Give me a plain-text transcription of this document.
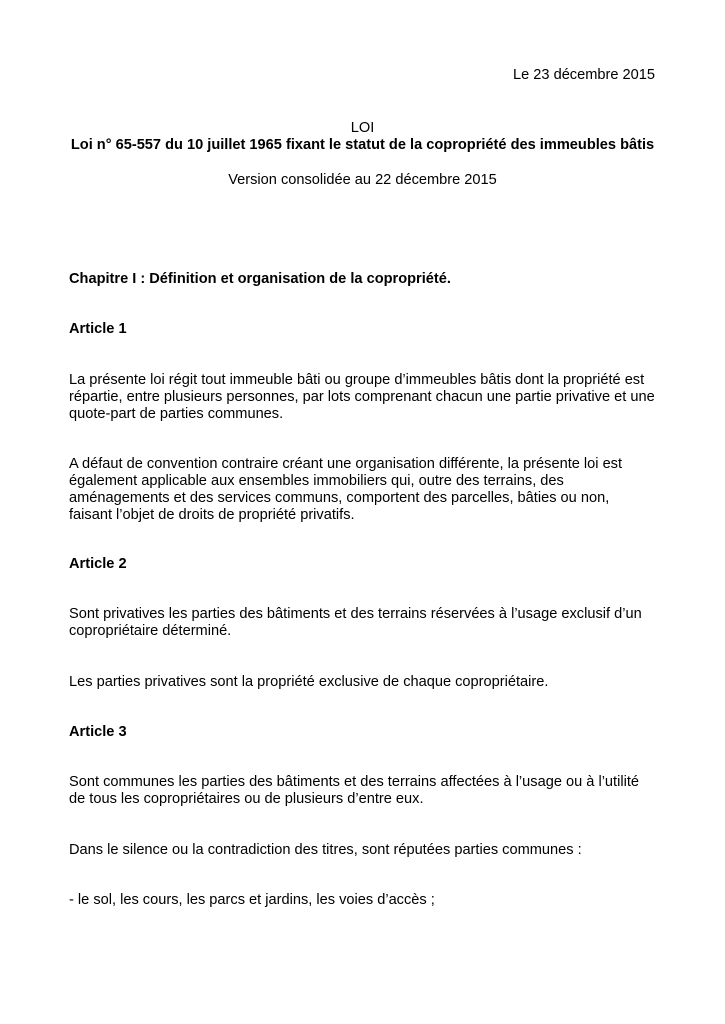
Le 23 décembre 2015
LOI
Loi n° 65-557 du 10 juillet 1965 fixant le statut de la copropriété des immeubles bâtis
Version consolidée au 22 décembre 2015
Chapitre I : Définition et organisation de la copropriété.
Article 1
La présente loi régit tout immeuble bâti ou groupe d’immeubles bâtis dont la propriété est
répartie, entre plusieurs personnes, par lots comprenant chacun une partie privative et une
quote-part de parties communes.
A défaut de convention contraire créant une organisation différente, la présente loi est
également applicable aux ensembles immobiliers qui, outre des terrains, des
aménagements et des services communs, comportent des parcelles, bâties ou non,
faisant l’objet de droits de propriété privatifs.
Article 2
Sont privatives les parties des bâtiments et des terrains réservées à l’usage exclusif d’un
copropriétaire déterminé.
Les parties privatives sont la propriété exclusive de chaque copropriétaire.
Article 3
Sont communes les parties des bâtiments et des terrains affectées à l’usage ou à l’utilité
de tous les copropriétaires ou de plusieurs d’entre eux.
Dans le silence ou la contradiction des titres, sont réputées parties communes :
- le sol, les cours, les parcs et jardins, les voies d’accès ;
